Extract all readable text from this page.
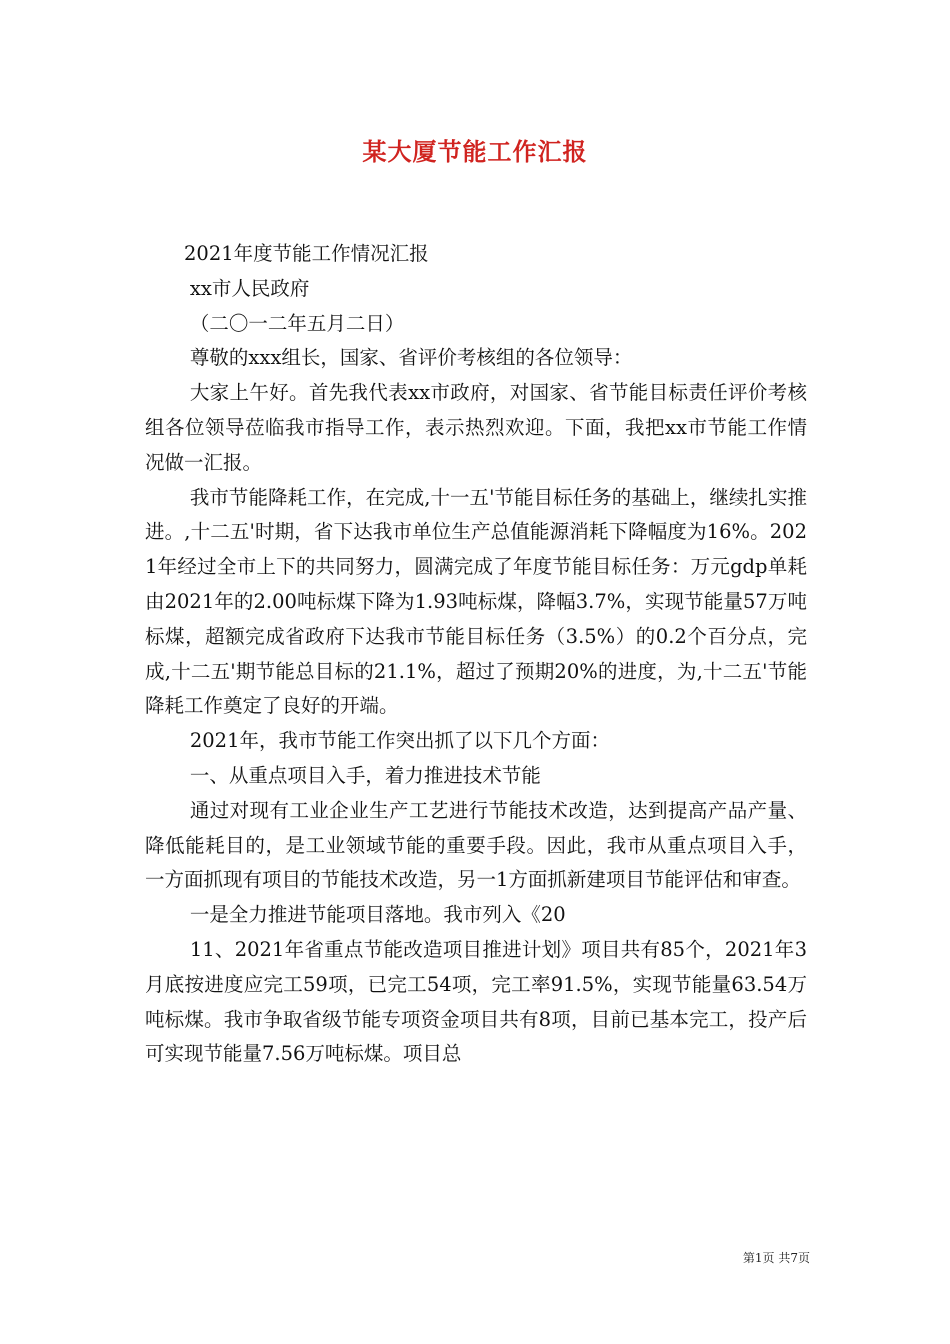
某大厦节能工作汇报

2021年度节能工作情况汇报

xx市人民政府

（二〇一二年五月二日）

尊敬的xxx组长，国家、省评价考核组的各位领导：

大家上午好。首先我代表xx市政府，对国家、省节能目标责任评价考核组各位领导莅临我市指导工作，表示热烈欢迎。下面，我把xx市节能工作情况做一汇报。

我市节能降耗工作，在完成,十一五'节能目标任务的基础上，继续扎实推进。,十二五'时期，省下达我市单位生产总值能源消耗下降幅度为16%。2021年经过全市上下的共同努力，圆满完成了年度节能目标任务：万元gdp单耗由2021年的2.00吨标煤下降为1.93吨标煤，降幅3.7%，实现节能量57万吨标煤，超额完成省政府下达我市节能目标任务（3.5%）的0.2个百分点，完成,十二五'期节能总目标的21.1%，超过了预期20%的进度，为,十二五'节能降耗工作奠定了良好的开端。

2021年，我市节能工作突出抓了以下几个方面：

一、从重点项目入手，着力推进技术节能

通过对现有工业企业生产工艺进行节能技术改造，达到提高产品产量、降低能耗目的，是工业领域节能的重要手段。因此，我市从重点项目入手，一方面抓现有项目的节能技术改造，另一1方面抓新建项目节能评估和审查。

一是全力推进节能项目落地。我市列入《20

11、2021年省重点节能改造项目推进计划》项目共有85个，2021年3月底按进度应完工59项，已完工54项，完工率91.5%，实现节能量63.54万吨标煤。我市争取省级节能专项资金项目共有8项，目前已基本完工，投产后可实现节能量7.56万吨标煤。项目总

第1页 共7页
